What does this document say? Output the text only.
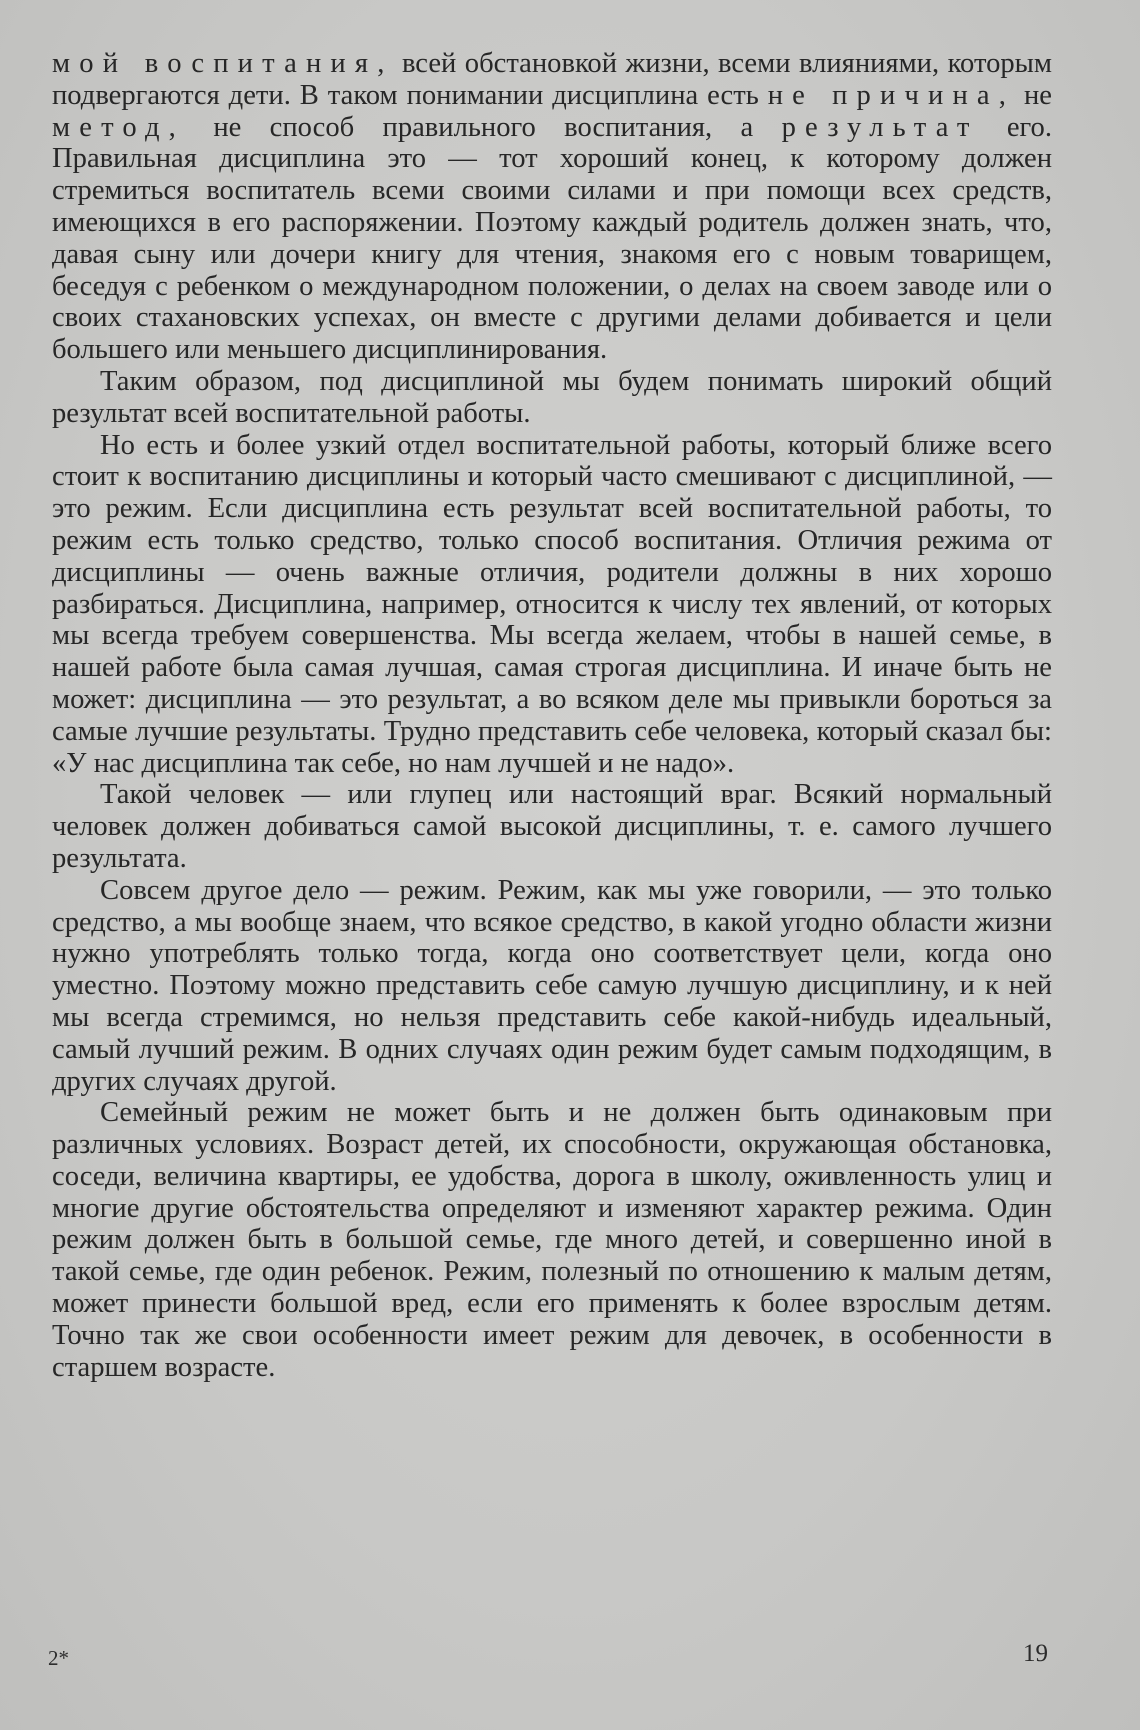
мой воспитания, всей обстановкой жизни, всеми влияниями, которым подвергаются дети. В таком понимании дисциплина есть не причина, не метод, не способ правильного воспитания, а результат его. Правильная дисциплина это — тот хороший конец, к которому должен стремиться воспитатель всеми своими силами и при помощи всех средств, имеющихся в его распоряжении. Поэтому каждый родитель должен знать, что, давая сыну или дочери книгу для чтения, знакомя его с новым товарищем, беседуя с ребенком о международном положении, о делах на своем заводе или о своих стахановских успехах, он вместе с другими делами добивается и цели большего или меньшего дисциплинирования.

Таким образом, под дисциплиной мы будем понимать широкий общий результат всей воспитательной работы.

Но есть и более узкий отдел воспитательной работы, который ближе всего стоит к воспитанию дисциплины и который часто смешивают с дисциплиной, — это режим. Если дисциплина есть результат всей воспитательной работы, то режим есть только средство, только способ воспитания. Отличия режима от дисциплины — очень важные отличия, родители должны в них хорошо разбираться. Дисциплина, например, относится к числу тех явлений, от которых мы всегда требуем совершенства. Мы всегда желаем, чтобы в нашей семье, в нашей работе была самая лучшая, самая строгая дисциплина. И иначе быть не может: дисциплина — это результат, а во всяком деле мы привыкли бороться за самые лучшие результаты. Трудно представить себе человека, который сказал бы: «У нас дисциплина так себе, но нам лучшей и не надо».

Такой человек — или глупец или настоящий враг. Всякий нормальный человек должен добиваться самой высокой дисциплины, т. е. самого лучшего результата.

Совсем другое дело — режим. Режим, как мы уже говорили, — это только средство, а мы вообще знаем, что всякое средство, в какой угодно области жизни нужно употреблять только тогда, когда оно соответствует цели, когда оно уместно. Поэтому можно представить себе самую лучшую дисциплину, и к ней мы всегда стремимся, но нельзя представить себе какой-нибудь идеальный, самый лучший режим. В одних случаях один режим будет самым подходящим, в других случаях другой.

Семейный режим не может быть и не должен быть одинаковым при различных условиях. Возраст детей, их способности, окружающая обстановка, соседи, величина квартиры, ее удобства, дорога в школу, оживленность улиц и многие другие обстоятельства определяют и изменяют характер режима. Один режим должен быть в большой семье, где много детей, и совершенно иной в такой семье, где один ребенок. Режим, полезный по отношению к малым детям, может принести большой вред, если его применять к более взрослым детям. Точно так же свои особенности имеет режим для девочек, в особенности в старшем возрасте.

2*	19
